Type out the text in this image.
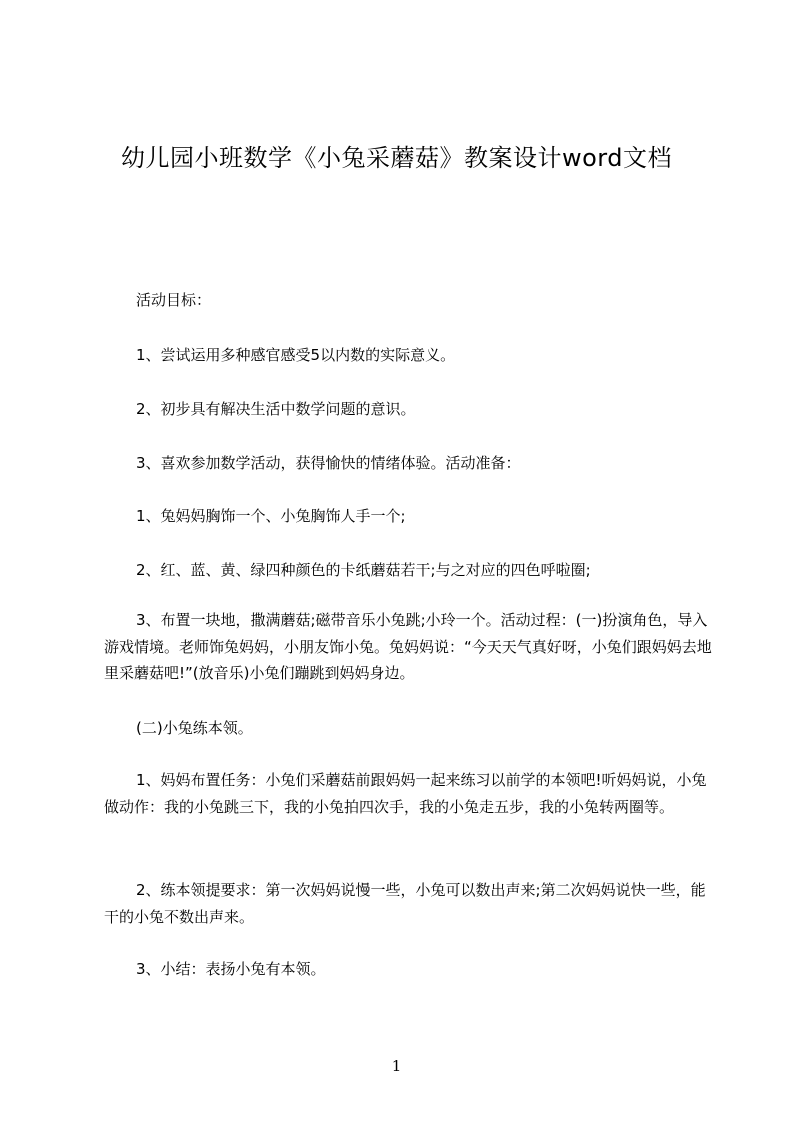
幼儿园小班数学《小兔采蘑菇》教案设计word文档
活动目标：
1、尝试运用多种感官感受5以内数的实际意义。
2、初步具有解决生活中数学问题的意识。
3、喜欢参加数学活动，获得愉快的情绪体验。活动准备：
1、兔妈妈胸饰一个、小兔胸饰人手一个;
2、红、蓝、黄、绿四种颜色的卡纸蘑菇若干;与之对应的四色呼啦圈;
3、布置一块地，撒满蘑菇;磁带音乐小兔跳;小玲一个。活动过程：(一)扮演角色，导入游戏情境。老师饰兔妈妈，小朋友饰小兔。兔妈妈说：“今天天气真好呀，小兔们跟妈妈去地里采蘑菇吧!”(放音乐)小兔们蹦跳到妈妈身边。
(二)小兔练本领。
1、妈妈布置任务：小兔们采蘑菇前跟妈妈一起来练习以前学的本领吧!听妈妈说，小兔做动作：我的小兔跳三下，我的小兔拍四次手，我的小兔走五步，我的小兔转两圈等。
2、练本领提要求：第一次妈妈说慢一些，小兔可以数出声来;第二次妈妈说快一些，能干的小兔不数出声来。
3、小结：表扬小兔有本领。
1
